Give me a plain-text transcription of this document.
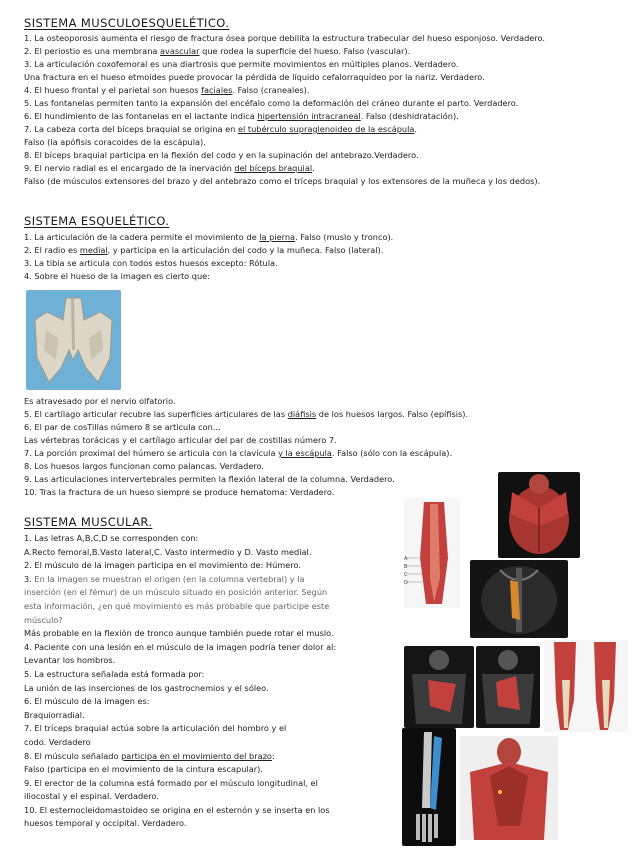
SISTEMA MUSCULOESQUELÉTICO.
1. La osteoporosis aumenta el riesgo de fractura ósea porque debilita la estructura trabecular del hueso esponjoso. Verdadero.
2. El periostio es una membrana avascular que rodea la superficie del hueso. Falso (vascular).
3. La articulación coxofemoral es una diartrosis que permite movimientos en múltiples planos. Verdadero.
Una fractura en el hueso etmoides puede provocar la pérdida de líquido cefalorraquídeo por la nariz. Verdadero.
4. El hueso frontal y el parietal son huesos faciales. Falso (craneales).
5. Las fontanelas permiten tanto la expansión del encéfalo como la deformación del cráneo durante el parto. Verdadero.
6. El hundimiento de las fontanelas en el lactante indica hipertensión intracraneal. Falso (deshidratación).
7. La cabeza corta del bíceps braquial se origina en el tubérculo supraglenoideo de la escápula.
Falso (la apófisis coracoides de la escápula).
8. El bíceps braquial participa en la flexión del codo y en la supinación del antebrazo.Verdadero.
9. El nervio radial es el encargado de la inervación del bíceps braquial.
Falso (de músculos extensores del brazo y del antebrazo como el tríceps braquial y los extensores de la muñeca y los dedos).
SISTEMA ESQUELÉTICO.
1. La articulación de la cadera permite el movimiento de la pierna. Falso (muslo y tronco).
2. El radio es medial, y participa en la articulación del codo y la muñeca. Falso (lateral).
3. La tibia se articula con todos estos huesos excepto: Rótula.
4. Sobre el hueso de la imagen es cierto que:
Es atravesado por el nervio olfatorio.
5. El cartílago articular recubre las superficies articulares de las diáfisis de los huesos largos. Falso (epífisis).
6. El par de cosTillas número 8 se articula con...
Las vértebras torácicas y el cartílago articular del par de costillas número 7.
7. La porción proximal del húmero se articula con la clavícula y la escápula. Falso (sólo con la escápula).
8. Los huesos largos funcionan como palancas. Verdadero.
9. Las articulaciones intervertebrales permiten la flexión lateral de la columna. Verdadero.
10. Tras la fractura de un hueso siempre se produce hematoma: Verdadero.
SISTEMA MUSCULAR.
1. Las letras A,B,C,D se corresponden con:
A.Recto femoral,B.Vasto lateral,C. Vasto intermedio y D. Vasto medial.
2. El músculo de la imagen participa en el movimiento de: Húmero.
3. En la imagen se muestran el origen (en la columna vertebral) y la
inserción (en el fémur) de un músculo situado en posición anterior. Según
esta información, ¿en qué movimiento es más probable que participe este
músculo?
Más probable en la flexión de tronco aunque también puede rotar el muslo.
4. Paciente con una lesión en el músculo de la imagen podría tener dolor al:
Levantar los hombros.
5. La estructura señalada está formada por:
La unión de las inserciones de los gastrocnemios y el sóleo.
6. El músculo de la imagen es:
Braquiorradial.
7. El tríceps braquial actúa sobre la articulación del hombro y el
codo. Verdadero
8. El músculo señalado participa en el movimiento del brazo:
Falso (participa en el movimiento de la cintura escapular).
9. El erector de la columna está formado por el músculo longitudinal, el
iliocostal y el espinal. Verdadero.
10. El esternocleidomastoideo se origina en el esternón y se inserta en los
huesos temporal y occipital. Verdadero.
A
B
C
D
